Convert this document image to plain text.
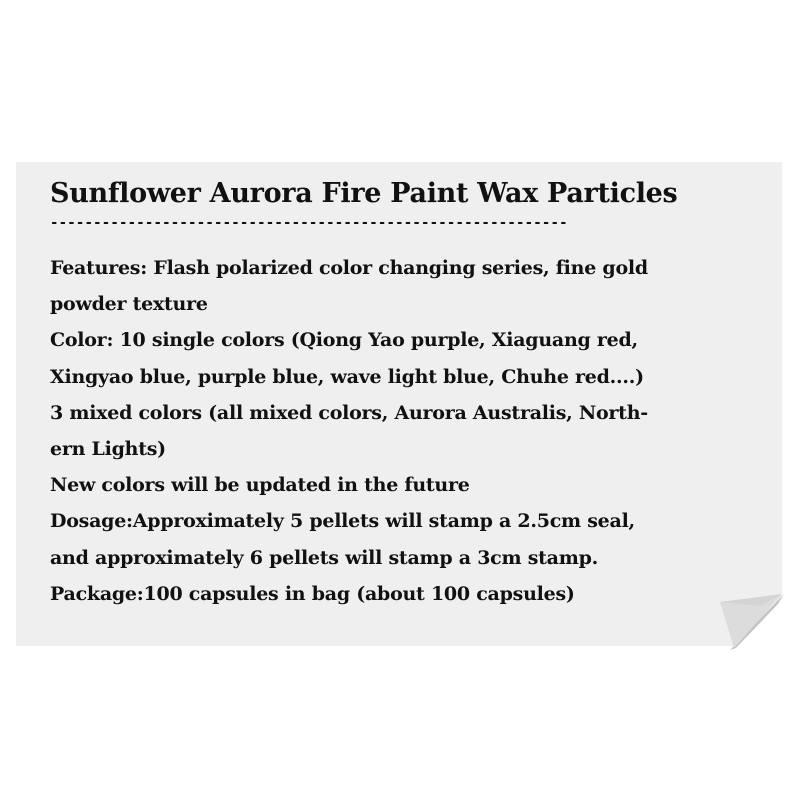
Sunflower Aurora Fire Paint Wax Particles
------------------------------------------------------------
Features: Flash polarized color changing series, fine gold
powder texture
Color: 10 single colors (Qiong Yao purple, Xiaguang red,
Xingyao blue, purple blue, wave light blue, Chuhe red....)
3 mixed colors (all mixed colors, Aurora Australis, North-
ern Lights)
New colors will be updated in the future
Dosage:Approximately 5 pellets will stamp a 2.5cm seal,
and approximately 6 pellets will stamp a 3cm stamp.
Package:100 capsules in bag (about 100 capsules)
